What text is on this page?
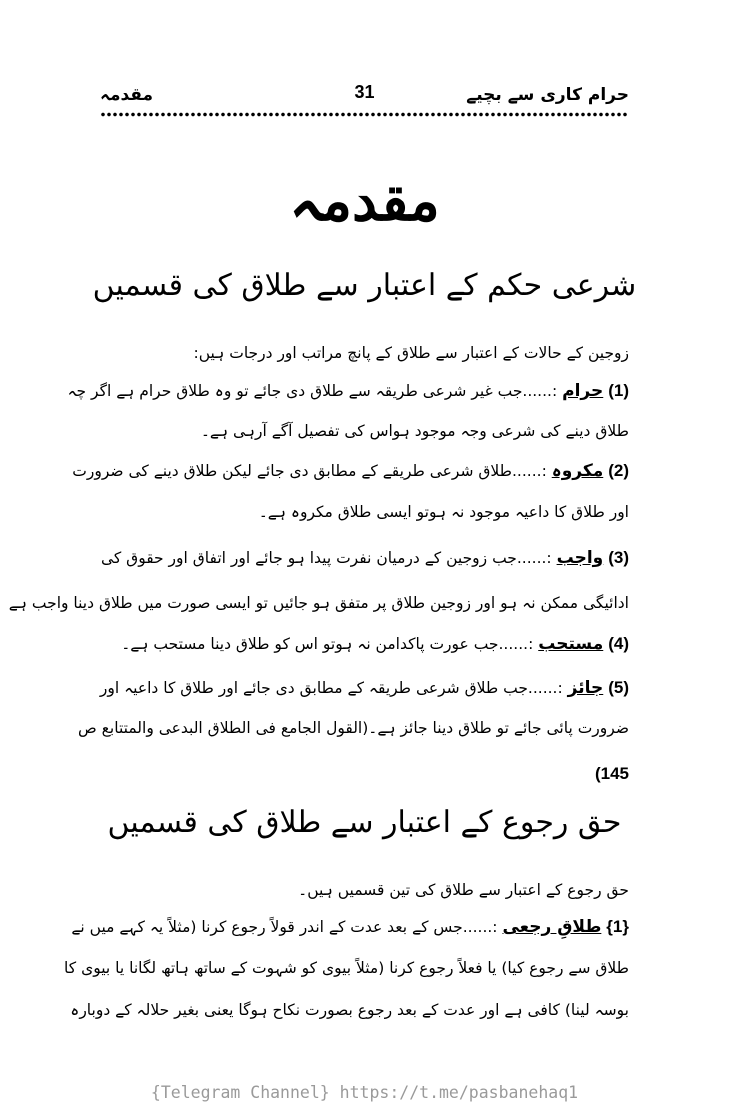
حرام کاری سے بچیے
31
مقدمہ
مقدمہ
شرعی حکم کے اعتبار سے طلاق کی قسمیں
زوجین کے حالات کے اعتبار سے طلاق کے پانچ مراتب اور درجات ہیں:
(1) حرام :......جب غیر شرعی طریقہ سے طلاق دی جائے تو وہ طلاق حرام ہے اگر چہ
طلاق دینے کی شرعی وجہ موجود ہواس کی تفصیل آگے آرہی ہے۔
(2) مکروہ :......طلاق شرعی طریقے کے مطابق دی جائے لیکن طلاق دینے کی ضرورت
اور طلاق کا داعیہ موجود نہ ہوتو ایسی طلاق مکروہ ہے۔
(3) واجب :......جب زوجین کے درمیان نفرت پیدا ہو جائے اور اتفاق اور حقوق کی
ادائیگی ممکن نہ ہو اور زوجین طلاق پر متفق ہو جائیں تو ایسی صورت میں طلاق دینا واجب ہے
(4) مستحب :......جب عورت پاکدامن نہ ہوتو اس کو طلاق دینا مستحب ہے۔
(5) جائز :......جب طلاق شرعی طریقہ کے مطابق دی جائے اور طلاق کا داعیہ اور
ضرورت پائی جائے تو طلاق دینا جائز ہے۔(القول الجامع فی الطلاق البدعی والمتتابع ص
145)
حق رجوع کے اعتبار سے طلاق کی قسمیں
حق رجوع کے اعتبار سے طلاق کی تین قسمیں ہیں۔
{1} طلاقِ رجعی :......جس کے بعد عدت کے اندر قولاً رجوع کرنا (مثلاً یہ کہے میں نے
طلاق سے رجوع کیا) یا فعلاً رجوع کرنا (مثلاً بیوی کو شہوت کے ساتھ ہاتھ لگانا یا بیوی کا
بوسہ لینا) کافی ہے اور عدت کے بعد رجوع بصورت نکاح ہوگا یعنی بغیر حلالہ کے دوبارہ
{Telegram Channel} https://t.me/pasbanehaq1
